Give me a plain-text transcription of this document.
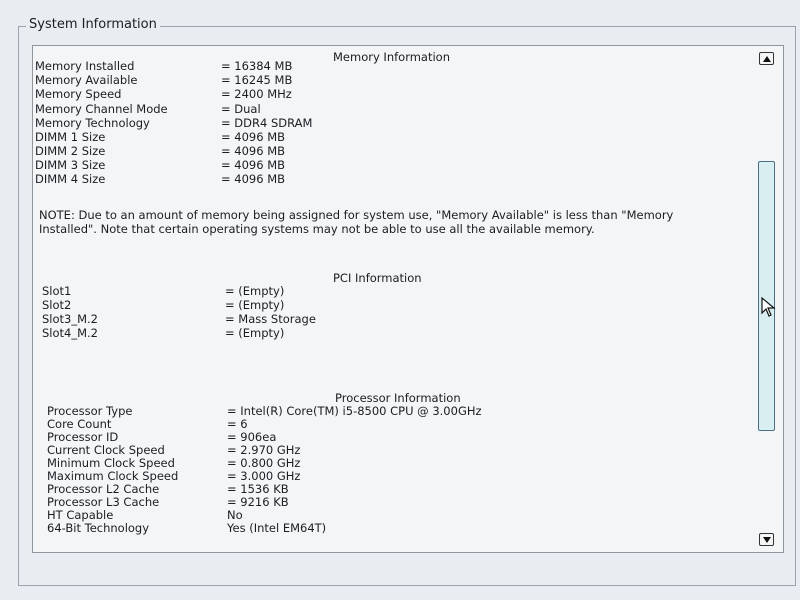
System Information
Memory Information
Memory Installed	= 16384 MB
Memory Available	= 16245 MB
Memory Speed	= 2400 MHz
Memory Channel Mode	= Dual
Memory Technology	= DDR4 SDRAM
DIMM 1 Size	= 4096 MB
DIMM 2 Size	= 4096 MB
DIMM 3 Size	= 4096 MB
DIMM 4 Size	= 4096 MB
NOTE: Due to an amount of memory being assigned for system use, "Memory Available" is less than "Memory Installed". Note that certain operating systems may not be able to use all the available memory.
PCI Information
Slot1	= (Empty)
Slot2	= (Empty)
Slot3_M.2	= Mass Storage
Slot4_M.2	= (Empty)
Processor Information
Processor Type	= Intel(R) Core(TM) i5-8500 CPU @ 3.00GHz
Core Count	= 6
Processor ID	= 906ea
Current Clock Speed	= 2.970 GHz
Minimum Clock Speed	= 0.800 GHz
Maximum Clock Speed	= 3.000 GHz
Processor L2 Cache	= 1536 KB
Processor L3 Cache	= 9216 KB
HT Capable	No
64-Bit Technology	Yes (Intel EM64T)
